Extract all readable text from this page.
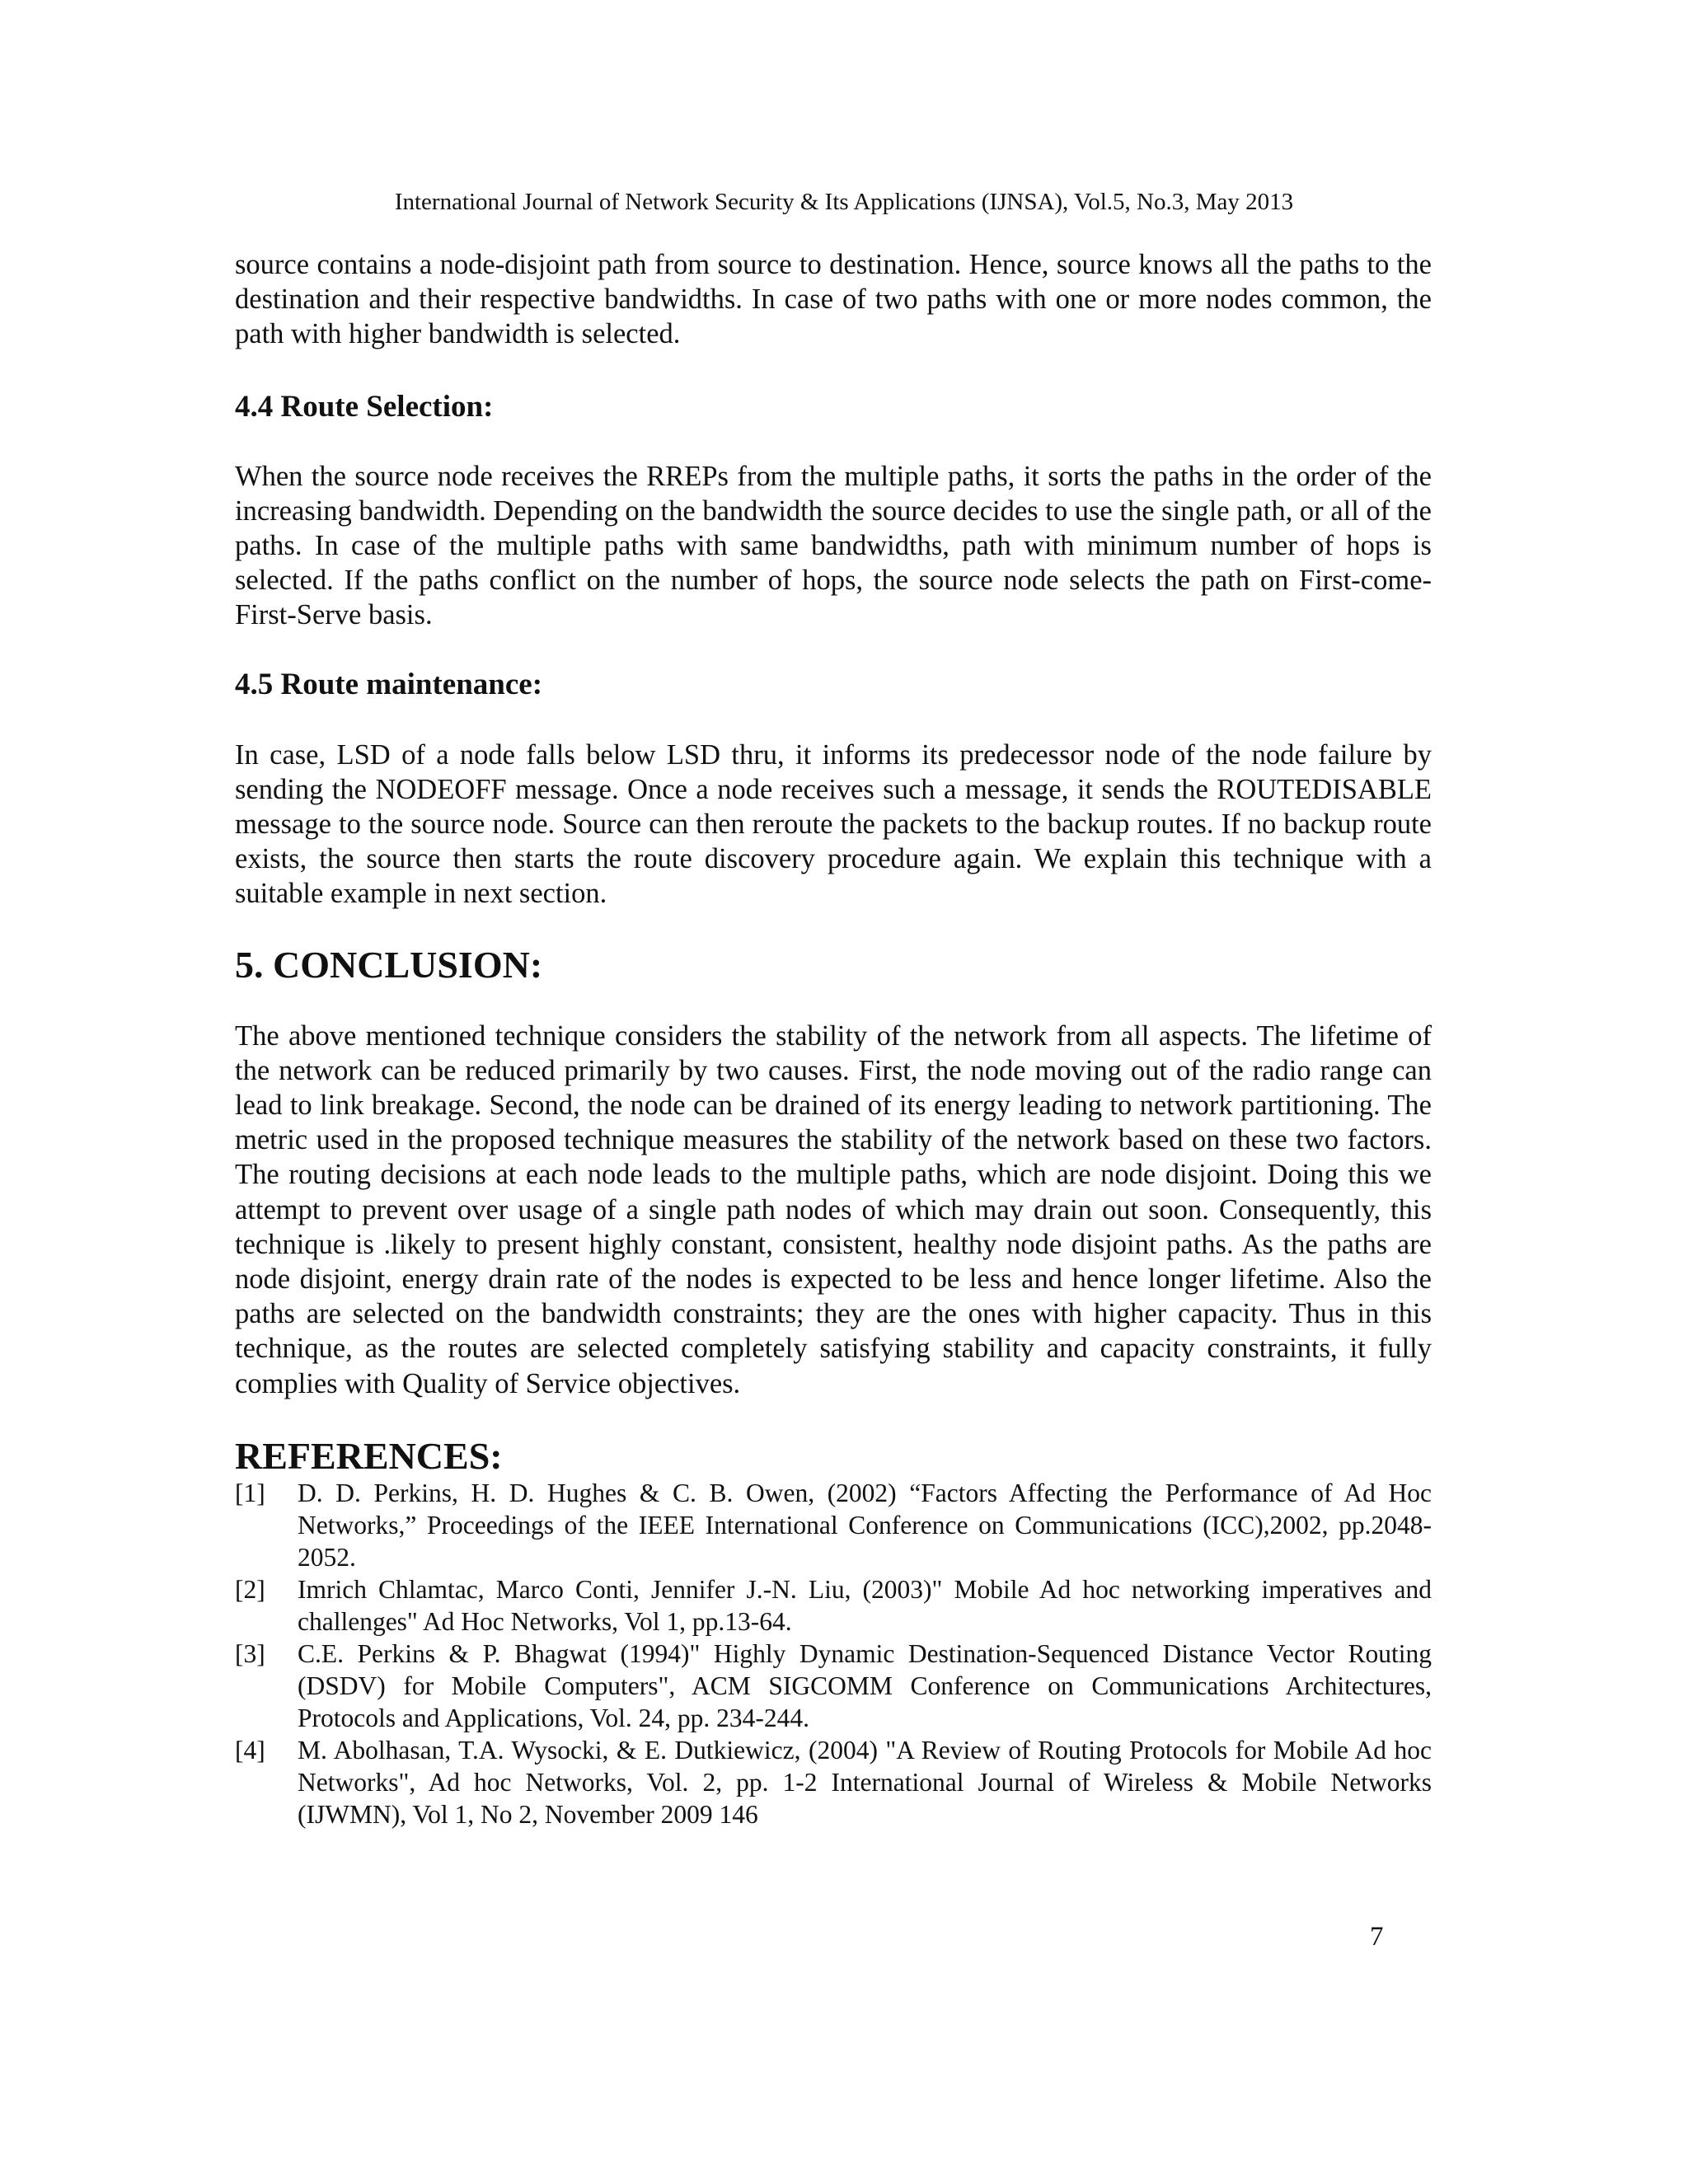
International Journal of Network Security & Its Applications (IJNSA), Vol.5, No.3, May 2013

source contains a node-disjoint path from source to destination. Hence, source knows all the paths to the destination and their respective bandwidths. In case of two paths with one or more nodes common, the path with higher bandwidth is selected.

4.4 Route Selection:

When the source node receives the RREPs from the multiple paths, it sorts the paths in the order of the increasing bandwidth. Depending on the bandwidth the source decides to use the single path, or all of the paths. In case of the multiple paths with same bandwidths, path with minimum number of hops is selected. If the paths conflict on the number of hops, the source node selects the path on First-come-First-Serve basis.

4.5 Route maintenance:

In case, LSD of a node falls below LSD thru, it informs its predecessor node of the node failure by sending the NODEOFF message. Once a node receives such a message, it sends the ROUTEDISABLE message to the source node. Source can then reroute the packets to the backup routes. If no backup route exists, the source then starts the route discovery procedure again. We explain this technique with a suitable example in next section.

5. CONCLUSION:

The above mentioned technique considers the stability of the network from all aspects. The lifetime of the network can be reduced primarily by two causes. First, the node moving out of the radio range can lead to link breakage. Second, the node can be drained of its energy leading to network partitioning. The metric used in the proposed technique measures the stability of the network based on these two factors. The routing decisions at each node leads to the multiple paths, which are node disjoint. Doing this we attempt to prevent over usage of a single path nodes of which may drain out soon. Consequently, this technique is .likely to present highly constant, consistent, healthy node disjoint paths. As the paths are node disjoint, energy drain rate of the nodes is expected to be less and hence longer lifetime. Also the paths are selected on the bandwidth constraints; they are the ones with higher capacity. Thus in this technique, as the routes are selected completely satisfying stability and capacity constraints, it fully complies with Quality of Service objectives.

REFERENCES:
[1]	D. D. Perkins, H. D. Hughes & C. B. Owen, (2002) “Factors Affecting the Performance of Ad Hoc Networks,” Proceedings of the IEEE International Conference on Communications (ICC),2002, pp.2048-2052.
[2]	Imrich Chlamtac, Marco Conti, Jennifer J.-N. Liu, (2003)" Mobile Ad hoc networking imperatives and challenges" Ad Hoc Networks, Vol 1, pp.13-64.
[3]	C.E. Perkins & P. Bhagwat (1994)" Highly Dynamic Destination-Sequenced Distance Vector Routing (DSDV) for Mobile Computers", ACM SIGCOMM Conference on Communications Architectures, Protocols and Applications, Vol. 24, pp. 234-244.
[4]	M. Abolhasan, T.A. Wysocki, & E. Dutkiewicz, (2004) "A Review of Routing Protocols for Mobile Ad hoc Networks", Ad hoc Networks, Vol. 2, pp. 1-2 International Journal of Wireless & Mobile Networks (IJWMN), Vol 1, No 2, November 2009 146
7
